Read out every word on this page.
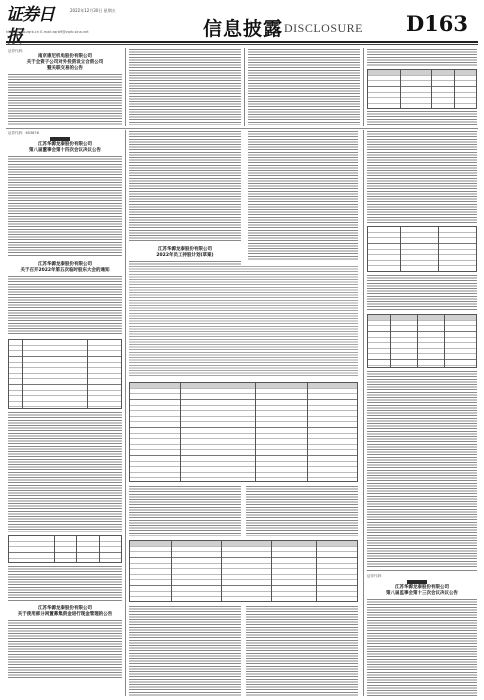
证券日报
2022年12月30日 星期五
http://www.zqrb.cn E-mail:zqrb9@zqrb.sina.net	信息披露 DISCLOSURE D163
证券代码：
南京康尼机电股份有限公司
关于全资子公司对外投资设立合资公司
暨关联交易的公告
证券代码：603876
江苏华源龙泰股份有限公司
第八届董事会第十四次会议决议公告
江苏华源龙泰股份有限公司
关于召开2022年第五次临时股东大会的通知
江苏华源龙泰股份有限公司
关于使用部分闲置募集资金进行现金管理的公告
江苏华源龙泰股份有限公司
2022年员工持股计划(草案)
证券代码：
江苏华源龙泰股份有限公司
第八届监事会第十三次会议决议公告
